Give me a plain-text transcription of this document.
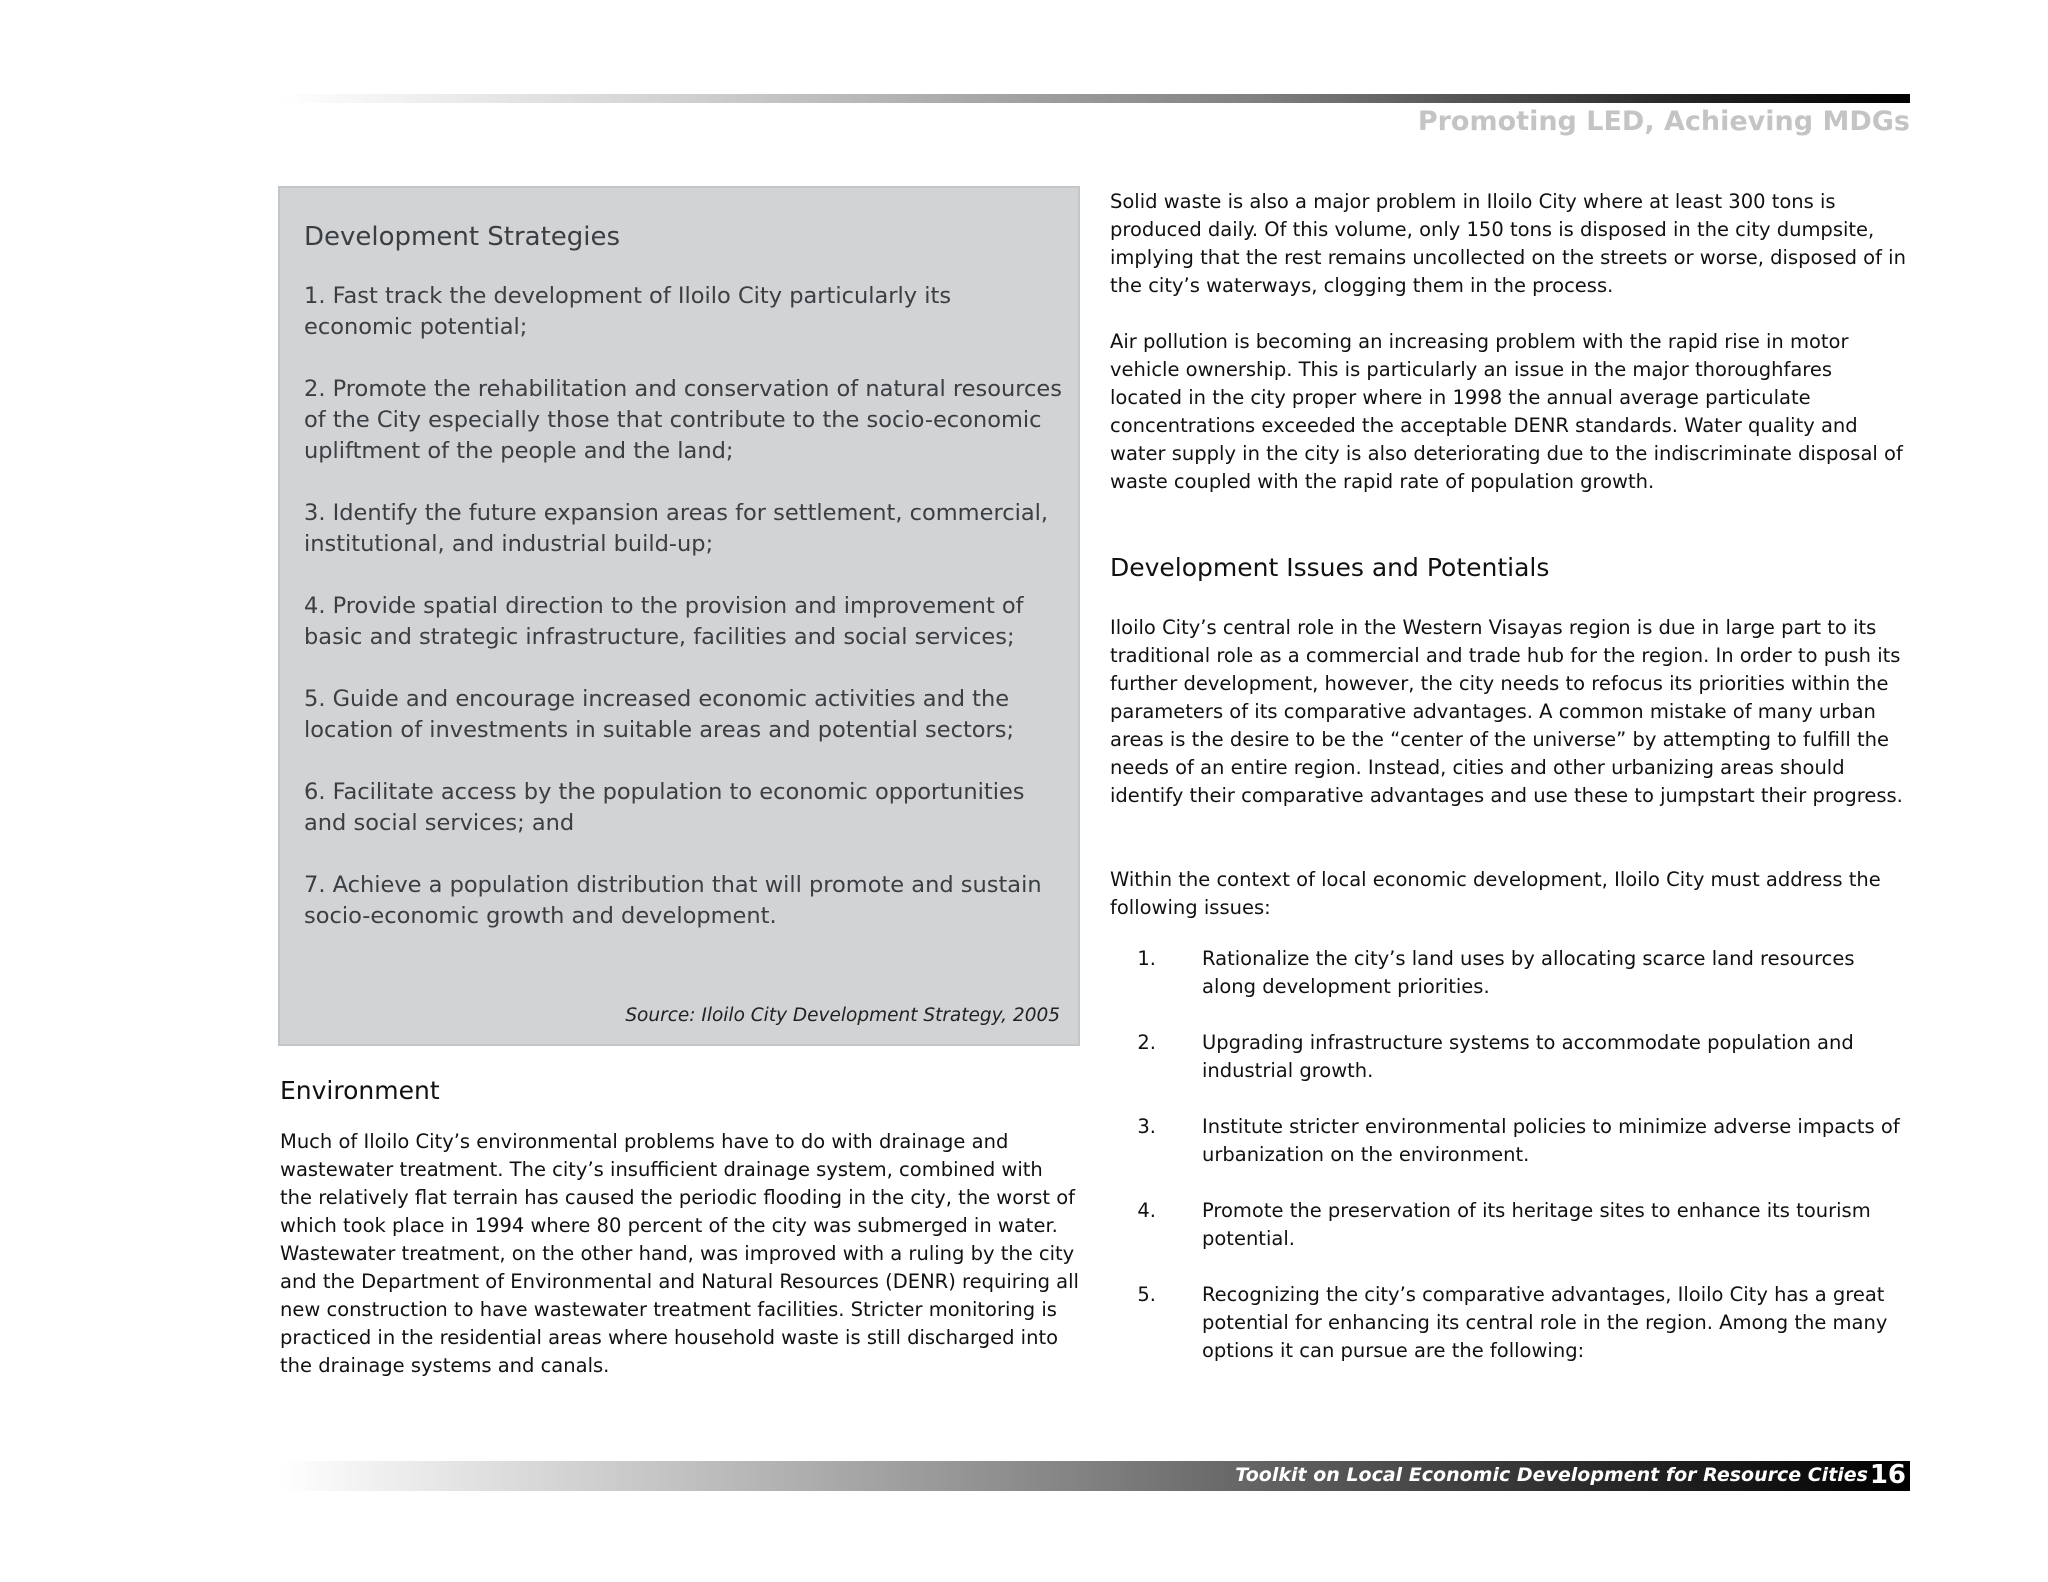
Promoting LED, Achieving MDGs
Development Strategies

1. Fast track the development of Iloilo City particularly its economic potential;

2. Promote the rehabilitation and conservation of natural resources of the City especially those that contribute to the socio-economic upliftment of the people and the land;

3. Identify the future expansion areas for settlement, commercial, institutional, and industrial build-up;

4. Provide spatial direction to the provision and improvement of basic and strategic infrastructure, facilities and social services;

5. Guide and encourage increased economic activities and the location of investments in suitable areas and potential sectors;

6. Facilitate access by the population to economic opportunities and social services; and

7. Achieve a population distribution that will promote and sustain socio-economic growth and development.

Source: Iloilo City Development Strategy, 2005
Environment

Much of Iloilo City’s environmental problems have to do with drainage and wastewater treatment. The city’s insufficient drainage system, combined with the relatively flat terrain has caused the periodic flooding in the city, the worst of which took place in 1994 where 80 percent of the city was submerged in water. Wastewater treatment, on the other hand, was improved with a ruling by the city and the Department of Environmental and Natural Resources (DENR) requiring all new construction to have wastewater treatment facilities. Stricter monitoring is practiced in the residential areas where household waste is still discharged into the drainage systems and canals.

Solid waste is also a major problem in Iloilo City where at least 300 tons is produced daily. Of this volume, only 150 tons is disposed in the city dumpsite, implying that the rest remains uncollected on the streets or worse, disposed of in the city’s waterways, clogging them in the process.

Air pollution is becoming an increasing problem with the rapid rise in motor vehicle ownership. This is particularly an issue in the major thoroughfares located in the city proper where in 1998 the annual average particulate concentrations exceeded the acceptable DENR standards. Water quality and water supply in the city is also deteriorating due to the indiscriminate disposal of waste coupled with the rapid rate of population growth.

Development Issues and Potentials

Iloilo City’s central role in the Western Visayas region is due in large part to its traditional role as a commercial and trade hub for the region. In order to push its further development, however, the city needs to refocus its priorities within the parameters of its comparative advantages. A common mistake of many urban areas is the desire to be the “center of the universe” by attempting to fulfill the needs of an entire region. Instead, cities and other urbanizing areas should identify their comparative advantages and use these to jumpstart their progress.

Within the context of local economic development, Iloilo City must address the following issues:

1. Rationalize the city’s land uses by allocating scarce land resources along development priorities.
2. Upgrading infrastructure systems to accommodate population and industrial growth.
3. Institute stricter environmental policies to minimize adverse impacts of urbanization on the environment.
4. Promote the preservation of its heritage sites to enhance its tourism potential.
5. Recognizing the city’s comparative advantages, Iloilo City has a great potential for enhancing its central role in the region. Among the many options it can pursue are the following:
Toolkit on Local Economic Development for Resource Cities 16
